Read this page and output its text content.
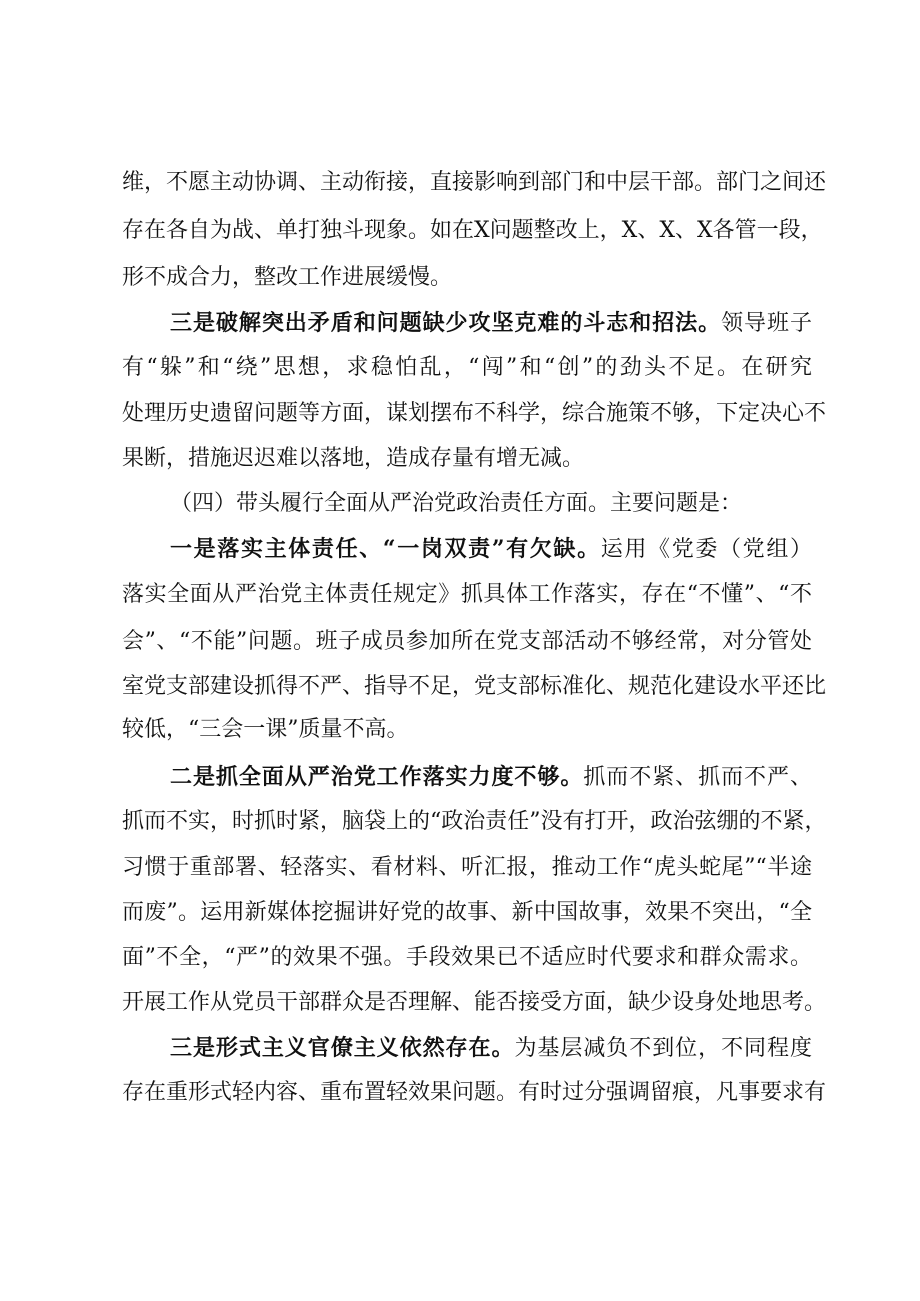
维，不愿主动协调、主动衔接，直接影响到部门和中层干部。部门之间还
存在各自为战、单打独斗现象。如在X问题整改上，X、X、X各管一段，
形不成合力，整改工作进展缓慢。
三是破解突出矛盾和问题缺少攻坚克难的斗志和招法。领导班子
有“躲”和“绕”思想，求稳怕乱，“闯”和“创”的劲头不足。在研究
处理历史遗留问题等方面，谋划摆布不科学，综合施策不够，下定决心不
果断，措施迟迟难以落地，造成存量有增无减。
（四）带头履行全面从严治党政治责任方面。主要问题是：
一是落实主体责任、“一岗双责”有欠缺。运用《党委（党组）
落实全面从严治党主体责任规定》抓具体工作落实，存在“不懂”、“不
会”、“不能”问题。班子成员参加所在党支部活动不够经常，对分管处
室党支部建设抓得不严、指导不足，党支部标准化、规范化建设水平还比
较低，“三会一课”质量不高。
二是抓全面从严治党工作落实力度不够。抓而不紧、抓而不严、
抓而不实，时抓时紧，脑袋上的“政治责任”没有打开，政治弦绷的不紧，
习惯于重部署、轻落实、看材料、听汇报，推动工作“虎头蛇尾”“半途
而废”。运用新媒体挖掘讲好党的故事、新中国故事，效果不突出，“全
面”不全，“严”的效果不强。手段效果已不适应时代要求和群众需求。
开展工作从党员干部群众是否理解、能否接受方面，缺少设身处地思考。
三是形式主义官僚主义依然存在。为基层减负不到位，不同程度
存在重形式轻内容、重布置轻效果问题。有时过分强调留痕，凡事要求有
